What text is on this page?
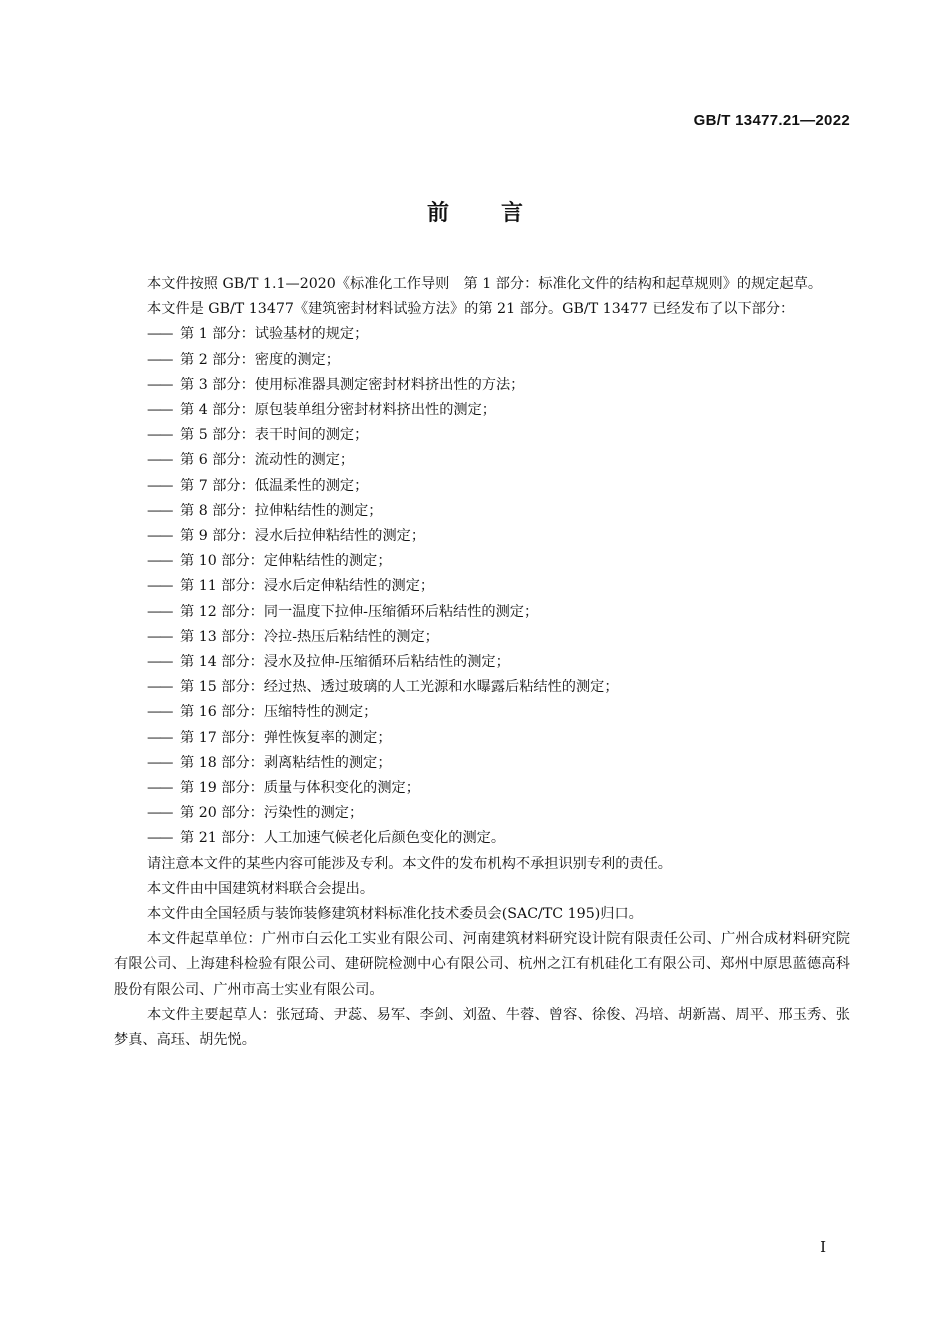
GB/T 13477.21—2022
前言

本文件按照 GB/T 1.1—2020《标准化工作导则　第 1 部分：标准化文件的结构和起草规则》的规定起草。

本文件是 GB/T 13477《建筑密封材料试验方法》的第 21 部分。GB/T 13477 已经发布了以下部分：

—— 第 1 部分：试验基材的规定；

—— 第 2 部分：密度的测定；

—— 第 3 部分：使用标准器具测定密封材料挤出性的方法；

—— 第 4 部分：原包装单组分密封材料挤出性的测定；

—— 第 5 部分：表干时间的测定；

—— 第 6 部分：流动性的测定；

—— 第 7 部分：低温柔性的测定；

—— 第 8 部分：拉伸粘结性的测定；

—— 第 9 部分：浸水后拉伸粘结性的测定；

—— 第 10 部分：定伸粘结性的测定；

—— 第 11 部分：浸水后定伸粘结性的测定；

—— 第 12 部分：同一温度下拉伸-压缩循环后粘结性的测定；

—— 第 13 部分：冷拉-热压后粘结性的测定；

—— 第 14 部分：浸水及拉伸-压缩循环后粘结性的测定；

—— 第 15 部分：经过热、透过玻璃的人工光源和水曝露后粘结性的测定；

—— 第 16 部分：压缩特性的测定；

—— 第 17 部分：弹性恢复率的测定；

—— 第 18 部分：剥离粘结性的测定；

—— 第 19 部分：质量与体积变化的测定；

—— 第 20 部分：污染性的测定；

—— 第 21 部分：人工加速气候老化后颜色变化的测定。

请注意本文件的某些内容可能涉及专利。本文件的发布机构不承担识别专利的责任。

本文件由中国建筑材料联合会提出。

本文件由全国轻质与装饰装修建筑材料标准化技术委员会(SAC/TC 195)归口。

本文件起草单位：广州市白云化工实业有限公司、河南建筑材料研究设计院有限责任公司、广州合成材料研究院有限公司、上海建科检验有限公司、建研院检测中心有限公司、杭州之江有机硅化工有限公司、郑州中原思蓝德高科股份有限公司、广州市高士实业有限公司。

本文件主要起草人：张冠琦、尹蕊、易军、李剑、刘盈、牛蓉、曾容、徐俊、冯培、胡新嵩、周平、邢玉秀、张梦真、高珏、胡先悦。

I
